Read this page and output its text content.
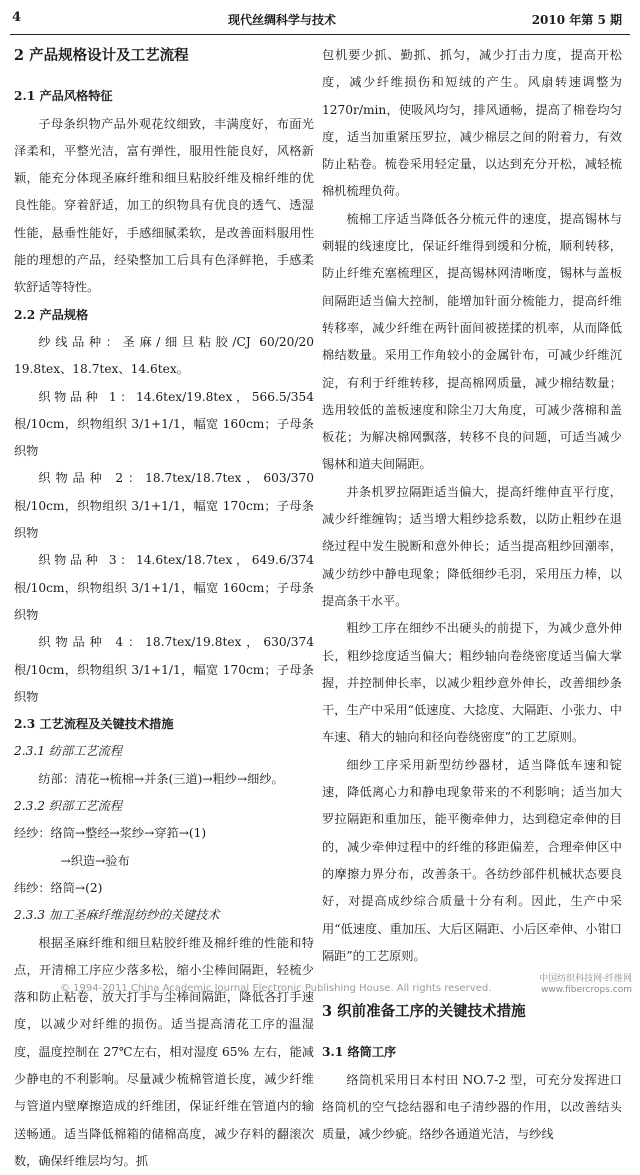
4	现代丝绸科学与技术	2010 年第 5 期

2 产品规格设计及工艺流程

2.1 产品风格特征

子母条织物产品外观花纹细致，丰满度好，布面光泽柔和，平整光洁，富有弹性，服用性能良好，风格新颖，能充分体现圣麻纤维和细旦粘胶纤维及棉纤维的优良性能。穿着舒适，加工的织物具有优良的透气、透湿性能，悬垂性能好，手感细腻柔软，是改善面料服用性能的理想的产品，经染整加工后具有色泽鲜艳，手感柔软舒适等特性。

2.2 产品规格

纱线品种：圣麻/细旦粘胶/CJ 60/20/20 19.8tex、18.7tex、14.6tex。

织物品种 1：14.6tex/19.8tex，566.5/354 根/10cm，织物组织 3/1+1/1，幅宽 160cm；子母条织物

织物品种 2：18.7tex/18.7tex，603/370 根/10cm，织物组织 3/1+1/1，幅宽 170cm；子母条织物

织物品种 3：14.6tex/18.7tex，649.6/374 根/10cm，织物组织 3/1+1/1，幅宽 160cm；子母条织物

织物品种 4：18.7tex/19.8tex，630/374 根/10cm，织物组织 3/1+1/1，幅宽 170cm；子母条织物

2.3 工艺流程及关键技术措施

2.3.1 纺部工艺流程

纺部：清花→梳棉→并条(三道)→粗纱→细纱。

2.3.2 织部工艺流程

经纱：络筒→整经→浆纱→穿筘→(1)

→织造→验布

纬纱：络筒→(2)

2.3.3 加工圣麻纤维混纺纱的关键技术

根据圣麻纤维和细旦粘胶纤维及棉纤维的性能和特点，开清棉工序应少落多松，缩小尘棒间隔距，轻梳少落和防止粘卷，放大打手与尘棒间隔距，降低各打手速度，以减少对纤维的损伤。适当提高清花工序的温湿度，温度控制在 27℃左右，相对湿度 65% 左右，能减少静电的不利影响。尽量减少梳棉管道长度，减少纤维与管道内壁摩擦造成的纤维团，保证纤维在管道内的输送畅通。适当降低棉箱的储棉高度，减少存料的翻滚次数，确保纤维层均匀。抓

包机要少抓、勤抓、抓匀，减少打击力度，提高开松度，减少纤维损伤和短绒的产生。风扇转速调整为 1270r/min，使吸风均匀，排风通畅，提高了棉卷均匀度，适当加重紧压罗拉，减少棉层之间的附着力，有效防止粘卷。梳卷采用轻定量，以达到充分开松，减轻梳棉机梳理负荷。

梳棉工序适当降低各分梳元件的速度，提高锡林与刺辊的线速度比，保证纤维得到缓和分梳，顺利转移，防止纤维充塞梳理区，提高锡林网清晰度，锡林与盖板间隔距适当偏大控制，能增加针面分梳能力，提高纤维转移率，减少纤维在两针面间被搓揉的机率，从而降低棉结数量。采用工作角较小的金属针布，可减少纤维沉淀，有利于纤维转移，提高棉网质量，减少棉结数量；选用较低的盖板速度和除尘刀大角度，可减少落棉和盖板花；为解决棉网飘落，转移不良的问题，可适当减少锡林和道夫间隔距。

并条机罗拉隔距适当偏大，提高纤维伸直平行度，减少纤维缠钩；适当增大粗纱捻系数，以防止粗纱在退绕过程中发生脱断和意外伸长；适当提高粗纱回潮率，减少纺纱中静电现象；降低细纱毛羽，采用压力棒，以提高条干水平。

粗纱工序在细纱不出硬头的前提下，为减少意外伸长，粗纱捻度适当偏大；粗纱轴向卷绕密度适当偏大掌握，并控制伸长率，以减少粗纱意外伸长，改善细纱条干，生产中采用“低速度、大捻度、大隔距、小张力、中车速、稍大的轴向和径向卷绕密度”的工艺原则。

细纱工序采用新型纺纱器材，适当降低车速和锭速，降低离心力和静电现象带来的不利影响；适当加大罗拉隔距和重加压，能平衡牵伸力，达到稳定牵伸的目的，减少牵伸过程中的纤维的移距偏差，合理牵伸区中的摩擦力界分布，改善条干。各纺纱部件机械状态要良好，对提高成纱综合质量十分有利。因此，生产中采用“低速度、重加压、大后区隔距、小后区牵伸、小钳口隔距”的工艺原则。

3 织前准备工序的关键技术措施

3.1 络筒工序

络筒机采用日本村田 NO.7-2 型，可充分发挥进口络筒机的空气捻结器和电子清纱器的作用，以改善结头质量，减少纱疵。络纱各通道光洁，与纱线

© 1994-2011 China Academic Journal Electronic Publishing House. All rights reserved.
中国纺织科技网·纤维网
www.fibercrops.com
